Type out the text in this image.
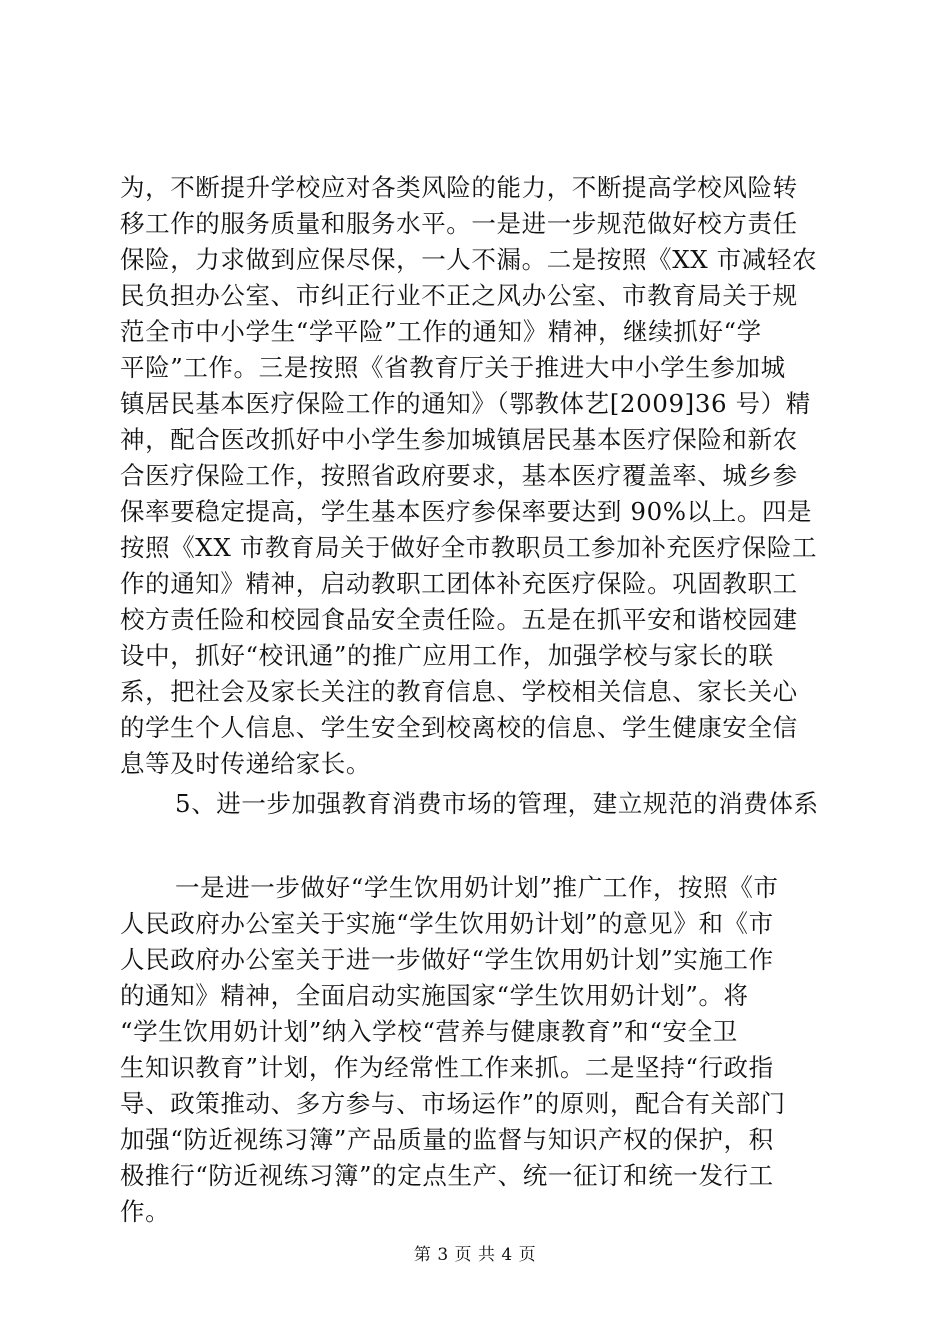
为，不断提升学校应对各类风险的能力，不断提高学校风险转
移工作的服务质量和服务水平。一是进一步规范做好校方责任
保险，力求做到应保尽保，一人不漏。二是按照《XX 市减轻农
民负担办公室、市纠正行业不正之风办公室、市教育局关于规
范全市中小学生“学平险”工作的通知》精神，继续抓好“学
平险”工作。三是按照《省教育厅关于推进大中小学生参加城
镇居民基本医疗保险工作的通知》（鄂教体艺[2009]36 号）精
神，配合医改抓好中小学生参加城镇居民基本医疗保险和新农
合医疗保险工作，按照省政府要求，基本医疗覆盖率、城乡参
保率要稳定提高，学生基本医疗参保率要达到 90%以上。四是
按照《XX 市教育局关于做好全市教职员工参加补充医疗保险工
作的通知》精神，启动教职工团体补充医疗保险。巩固教职工
校方责任险和校园食品安全责任险。五是在抓平安和谐校园建
设中，抓好“校讯通”的推广应用工作，加强学校与家长的联
系，把社会及家长关注的教育信息、学校相关信息、家长关心
的学生个人信息、学生安全到校离校的信息、学生健康安全信
息等及时传递给家长。
5、进一步加强教育消费市场的管理，建立规范的消费体系
一是进一步做好“学生饮用奶计划”推广工作，按照《市
人民政府办公室关于实施“学生饮用奶计划”的意见》和《市
人民政府办公室关于进一步做好“学生饮用奶计划”实施工作
的通知》精神，全面启动实施国家“学生饮用奶计划”。将
“学生饮用奶计划”纳入学校“营养与健康教育”和“安全卫
生知识教育”计划，作为经常性工作来抓。二是坚持“行政指
导、政策推动、多方参与、市场运作”的原则，配合有关部门
加强“防近视练习簿”产品质量的监督与知识产权的保护，积
极推行“防近视练习簿”的定点生产、统一征订和统一发行工
作。
第 3 页 共 4 页
